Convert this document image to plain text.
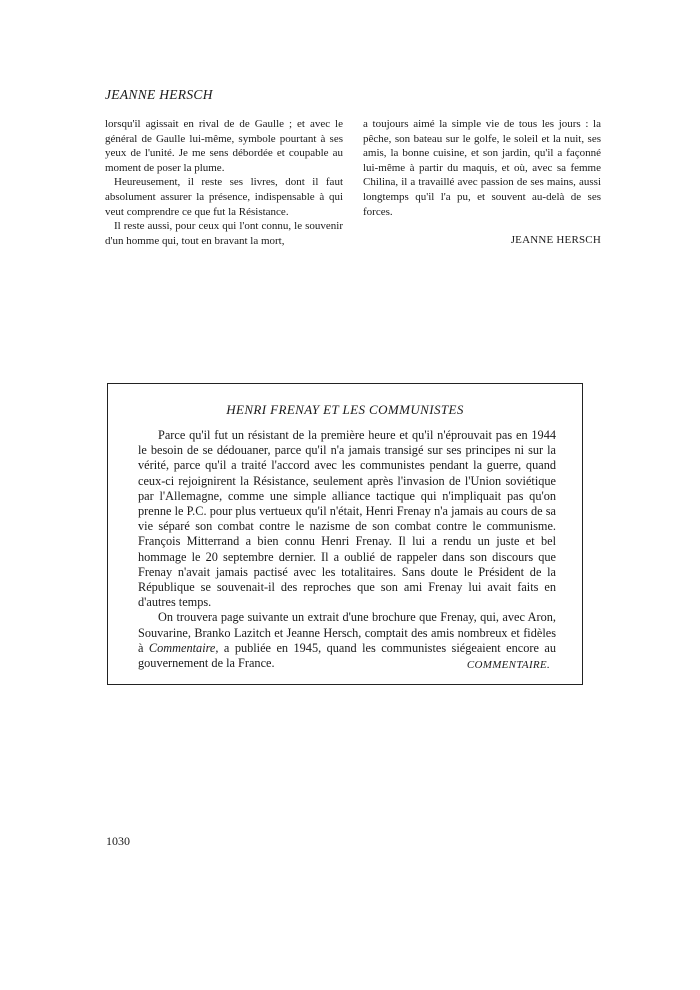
JEANNE HERSCH

lorsqu'il agissait en rival de de Gaulle ; et avec le général de Gaulle lui-même, symbole pourtant à ses yeux de l'unité. Je me sens débordée et coupable au moment de poser la plume.

Heureusement, il reste ses livres, dont il faut absolument assurer la présence, indispensable à qui veut comprendre ce que fut la Résistance.

Il reste aussi, pour ceux qui l'ont connu, le souvenir d'un homme qui, tout en bravant la mort,

a toujours aimé la simple vie de tous les jours : la pêche, son bateau sur le golfe, le soleil et la nuit, ses amis, la bonne cuisine, et son jardin, qu'il a façonné lui-même à partir du maquis, et où, avec sa femme Chilina, il a travaillé avec passion de ses mains, aussi longtemps qu'il l'a pu, et souvent au-delà de ses forces.

JEANNE HERSCH
HENRI FRENAY ET LES COMMUNISTES

Parce qu'il fut un résistant de la première heure et qu'il n'éprouvait pas en 1944 le besoin de se dédouaner, parce qu'il n'a jamais transigé sur ses principes ni sur la vérité, parce qu'il a traité l'accord avec les communistes pendant la guerre, quand ceux-ci rejoignirent la Résistance, seulement après l'invasion de l'Union soviétique par l'Allemagne, comme une simple alliance tactique qui n'impliquait pas qu'on prenne le P.C. pour plus vertueux qu'il n'était, Henri Frenay n'a jamais au cours de sa vie séparé son combat contre le nazisme de son combat contre le communisme. François Mitterrand a bien connu Henri Frenay. Il lui a rendu un juste et bel hommage le 20 septembre dernier. Il a oublié de rappeler dans son discours que Frenay n'avait jamais pactisé avec les totalitaires. Sans doute le Président de la République se souvenait-il des reproches que son ami Frenay lui avait faits en d'autres temps.

On trouvera page suivante un extrait d'une brochure que Frenay, qui, avec Aron, Souvarine, Branko Lazitch et Jeanne Hersch, comptait des amis nombreux et fidèles à Commentaire, a publiée en 1945, quand les communistes siégeaient encore au gouvernement de la France.	COMMENTAIRE.
1030
